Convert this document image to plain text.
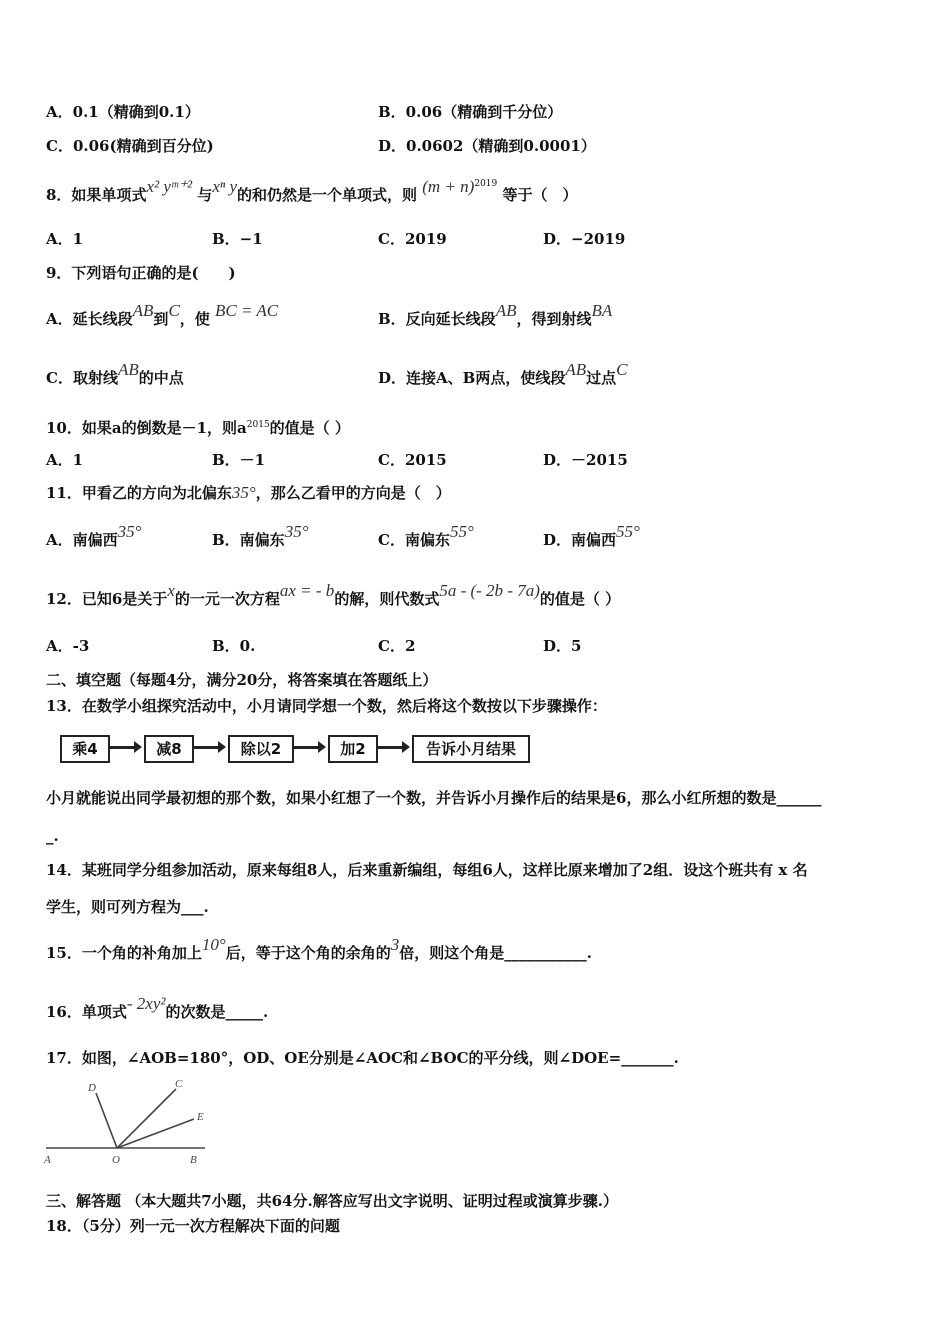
A．0.1（精确到0.1）	B．0.06（精确到千分位）
C．0.06(精确到百分位)	D．0.0602（精确到0.0001）
8．如果单项式x² yᵐ⁺² 与xⁿ y的和仍然是一个单项式，则 $(m + n)^{2019}$ 等于（　）
A．1	B．−1	C．2019	D．−2019
9．下列语句正确的是(　　)
A．延长线段AB到C，使 BC = AC	B．反向延长线段AB，得到射线BA
C．取射线AB的中点	D．连接A、B两点，使线段AB过点C
10．如果a的倒数是－1，则$a^{2015}$的值是（ ）
A．1	B．－1	C．2015	D．－2015
11．甲看乙的方向为北偏东35°，那么乙看甲的方向是（　）
A．南偏西35°	B．南偏东35°	C．南偏东55°	D．南偏西55°
12．已知6是关于x的一元一次方程ax = - b的解，则代数式5a - (- 2b - 7a)的值是（ ）
A．-3	B．0.	C．2	D．5
二、填空题（每题4分，满分20分，将答案填在答题纸上）
13．在数学小组探究活动中，小月请同学想一个数，然后将这个数按以下步骤操作：
乘4	减8	除以2	加2	告诉小月结果
小月就能说出同学最初想的那个数，如果小红想了一个数，并告诉小月操作后的结果是6，那么小红所想的数是______
_.
14．某班同学分组参加活动，原来每组8人，后来重新编组，每组6人，这样比原来增加了2组．设这个班共有 x 名
学生，则可列方程为___.
15．一个角的补角加上10°后，等于这个角的余角的3倍，则这个角是___________.
16．单项式- 2xy²的次数是_____.
17．如图，∠AOB=180°，OD、OE分别是∠AOC和∠BOC的平分线，则∠DOE=_______.
A	O	B
D	C
E
三、解答题 （本大题共7小题，共64分.解答应写出文字说明、证明过程或演算步骤.）
18．（5分）列一元一次方程解决下面的问题
